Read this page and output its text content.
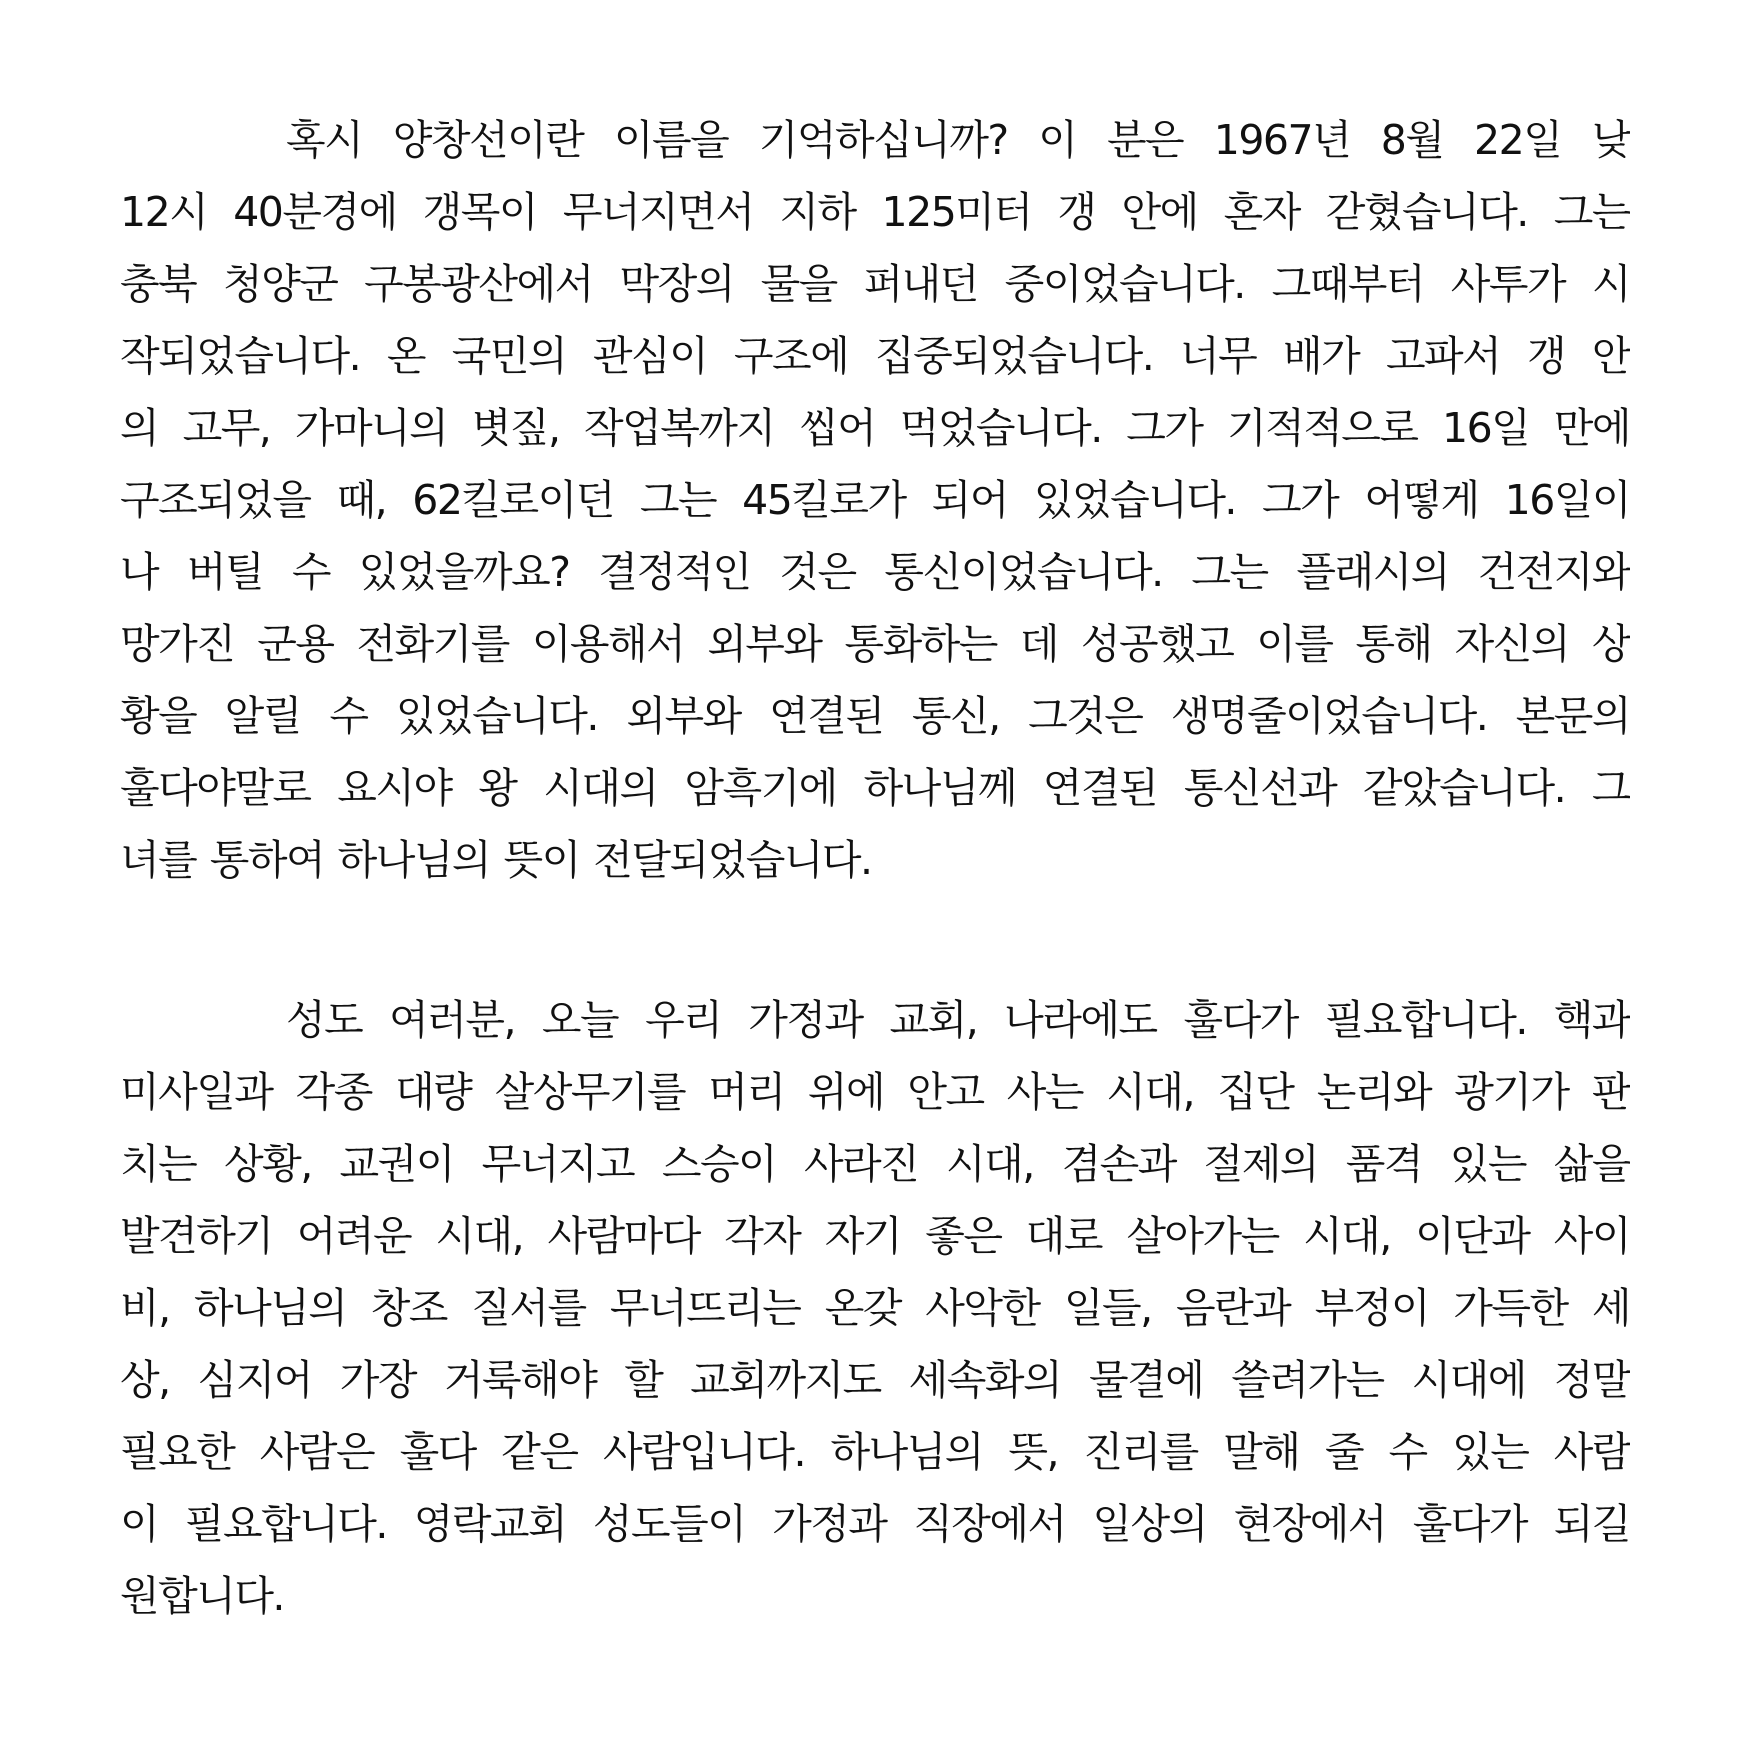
혹시 양창선이란 이름을 기억하십니까? 이 분은 1967년 8월 22일 낮
12시 40분경에 갱목이 무너지면서 지하 125미터 갱 안에 혼자 갇혔습니다. 그는
충북 청양군 구봉광산에서 막장의 물을 퍼내던 중이었습니다. 그때부터 사투가 시
작되었습니다. 온 국민의 관심이 구조에 집중되었습니다. 너무 배가 고파서 갱 안
의 고무, 가마니의 볏짚, 작업복까지 씹어 먹었습니다. 그가 기적적으로 16일 만에
구조되었을 때, 62킬로이던 그는 45킬로가 되어 있었습니다. 그가 어떻게 16일이
나 버틸 수 있었을까요? 결정적인 것은 통신이었습니다. 그는 플래시의 건전지와
망가진 군용 전화기를 이용해서 외부와 통화하는 데 성공했고 이를 통해 자신의 상
황을 알릴 수 있었습니다. 외부와 연결된 통신, 그것은 생명줄이었습니다. 본문의
훌다야말로 요시야 왕 시대의 암흑기에 하나님께 연결된 통신선과 같았습니다. 그
녀를 통하여 하나님의 뜻이 전달되었습니다.
성도 여러분, 오늘 우리 가정과 교회, 나라에도 훌다가 필요합니다. 핵과
미사일과 각종 대량 살상무기를 머리 위에 안고 사는 시대, 집단 논리와 광기가 판
치는 상황, 교권이 무너지고 스승이 사라진 시대, 겸손과 절제의 품격 있는 삶을
발견하기 어려운 시대, 사람마다 각자 자기 좋은 대로 살아가는 시대, 이단과 사이
비, 하나님의 창조 질서를 무너뜨리는 온갖 사악한 일들, 음란과 부정이 가득한 세
상, 심지어 가장 거룩해야 할 교회까지도 세속화의 물결에 쓸려가는 시대에 정말
필요한 사람은 훌다 같은 사람입니다. 하나님의 뜻, 진리를 말해 줄 수 있는 사람
이 필요합니다. 영락교회 성도들이 가정과 직장에서 일상의 현장에서 훌다가 되길
원합니다.
